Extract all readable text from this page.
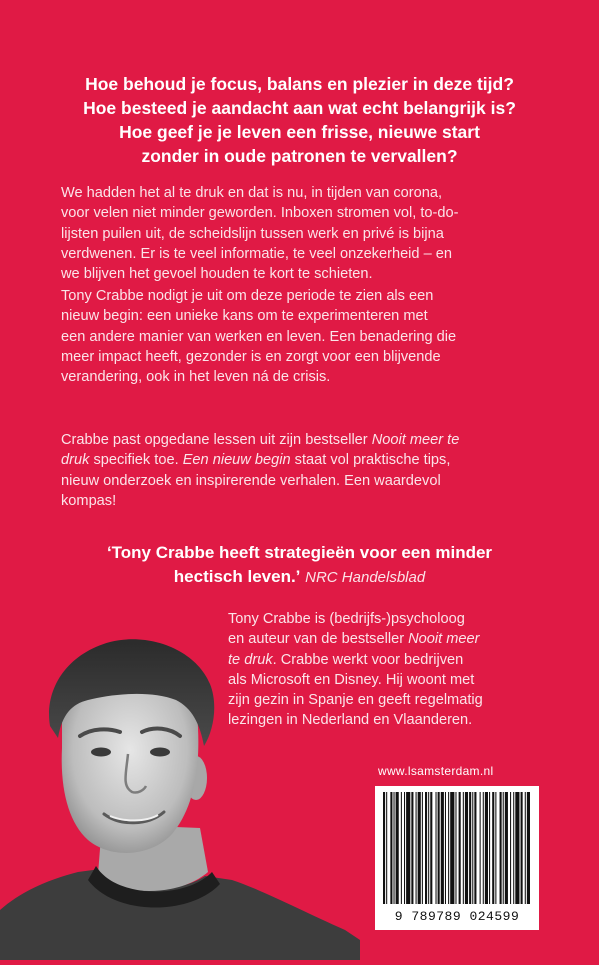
Hoe behoud je focus, balans en plezier in deze tijd?
Hoe besteed je aandacht aan wat echt belangrijk is?
Hoe geef je je leven een frisse, nieuwe start
zonder in oude patronen te vervallen?
We hadden het al te druk en dat is nu, in tijden van corona,
voor velen niet minder geworden. Inboxen stromen vol, to-do-
lijsten puilen uit, de scheidslijn tussen werk en privé is bijna
verdwenen. Er is te veel informatie, te veel onzekerheid – en
we blijven het gevoel houden te kort te schieten.
Tony Crabbe nodigt je uit om deze periode te zien als een
nieuw begin: een unieke kans om te experimenteren met
een andere manier van werken en leven. Een benadering die
meer impact heeft, gezonder is en zorgt voor een blijvende
verandering, ook in het leven ná de crisis.
Crabbe past opgedane lessen uit zijn bestseller Nooit meer te
druk specifiek toe. Een nieuw begin staat vol praktische tips,
nieuw onderzoek en inspirerende verhalen. Een waardevol
kompas!
‘Tony Crabbe heeft strategieën voor een minder
hectisch leven.’ NRC Handelsblad
Tony Crabbe is (bedrijfs-)psycholoog
en auteur van de bestseller Nooit meer
te druk. Crabbe werkt voor bedrijven
als Microsoft en Disney. Hij woont met
zijn gezin in Spanje en geeft regelmatig
lezingen in Nederland en Vlaanderen.
www.lsamsterdam.nl
9 789789 024599
